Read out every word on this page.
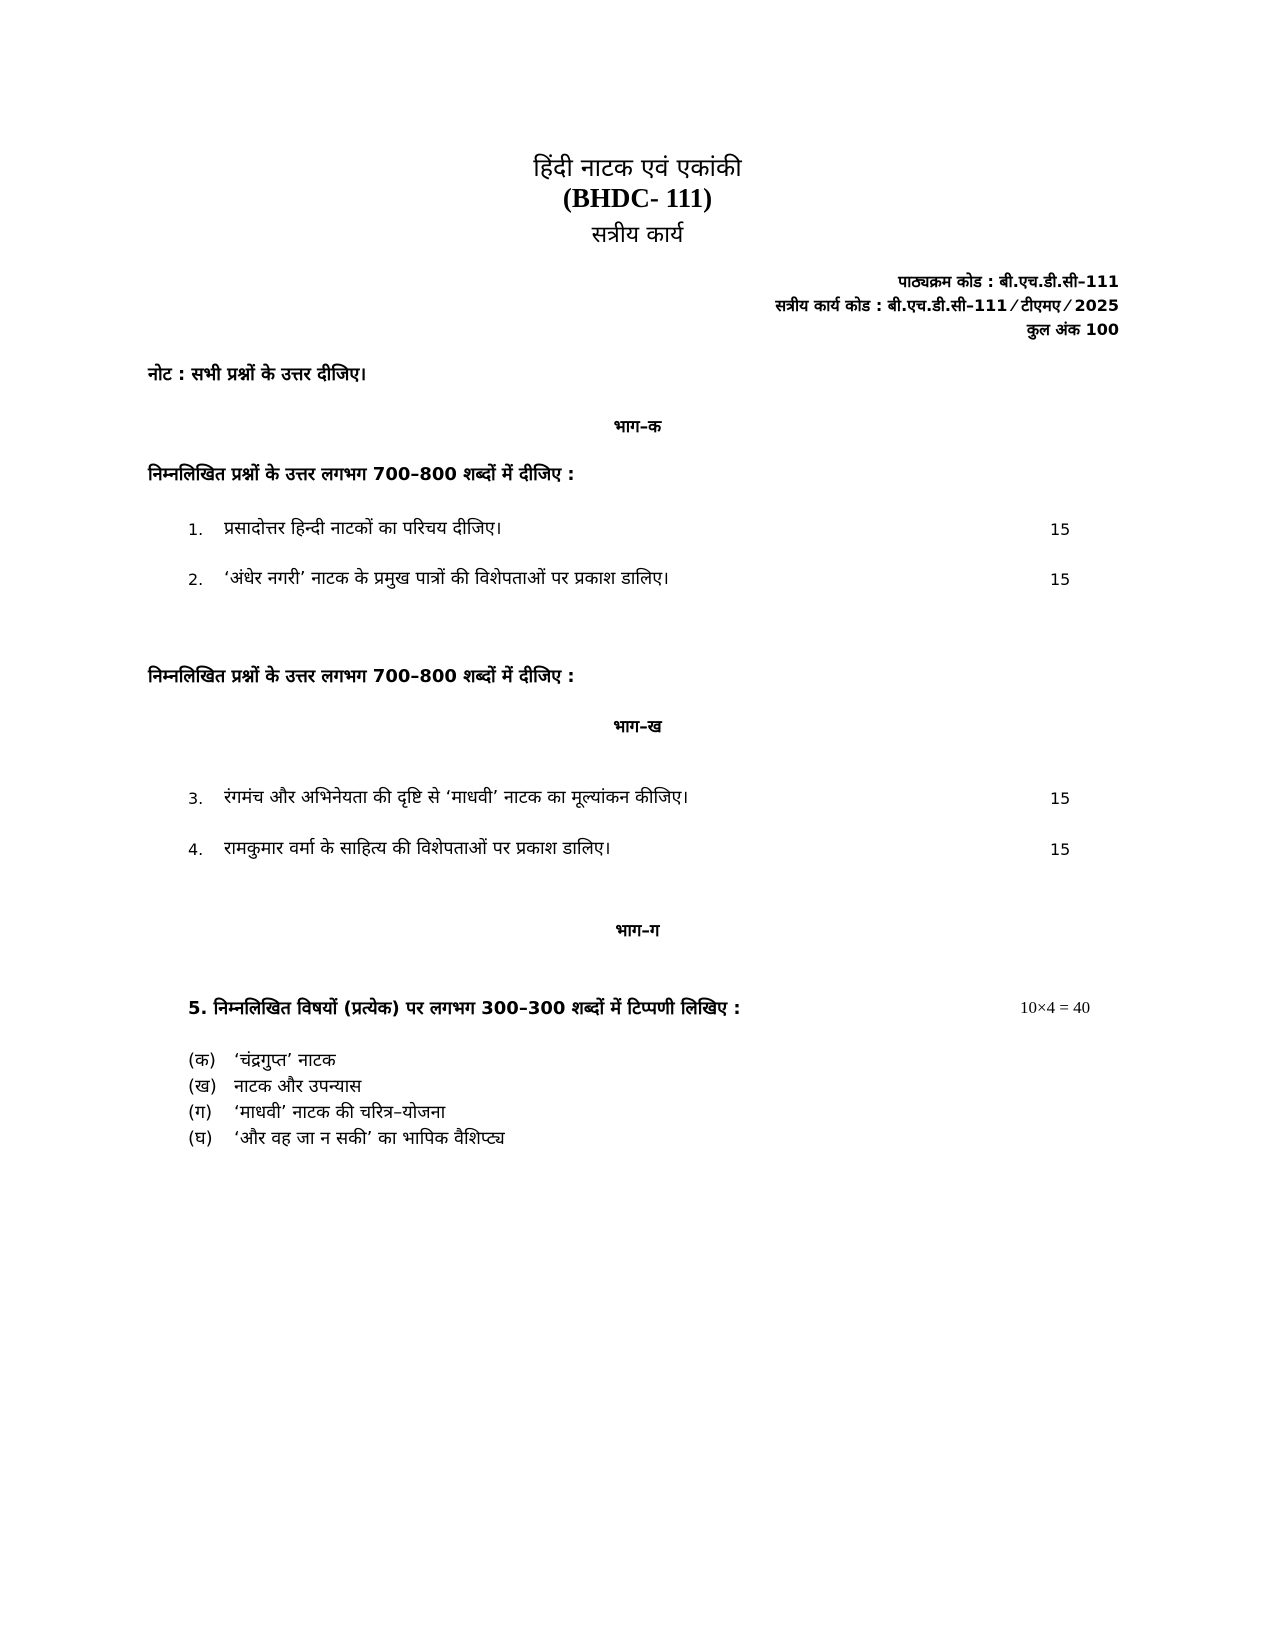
हिंदी नाटक एवं एकांकी
(BHDC- 111)
सत्रीय कार्य
पाठ्यक्रम कोड : बी.एच.डी.सी–111
सत्रीय कार्य कोड : बी.एच.डी.सी–111 ⁄ टीएमए ⁄ 2025
कुल अंक 100
नोट : सभी प्रश्नों के उत्तर दीजिए।
भाग–क
निम्नलिखित प्रश्नों के उत्तर लगभग 700–800 शब्दों में दीजिए :
1. प्रसादोत्तर हिन्दी नाटकों का परिचय दीजिए।	15
2. ‘अंधेर नगरी’ नाटक के प्रमुख पात्रों की विशेपताओं पर प्रकाश डालिए।	15
निम्नलिखित प्रश्नों के उत्तर लगभग 700–800 शब्दों में दीजिए :
भाग–ख
3. रंगमंच और अभिनेयता की दृष्टि से ‘माधवी’ नाटक का मूल्यांकन कीजिए।	15
4. रामकुमार वर्मा के साहित्य की विशेपताओं पर प्रकाश डालिए।	15
भाग–ग
5. निम्नलिखित विषयों (प्रत्येक) पर लगभग 300–300 शब्दों में टिप्पणी लिखिए :	10×4 = 40
(क) ‘चंद्रगुप्त’ नाटक
(ख) नाटक और उपन्यास
(ग) ‘माधवी’ नाटक की चरित्र–योजना
(घ) ‘और वह जा न सकी’ का भापिक वैशिप्ट्य
